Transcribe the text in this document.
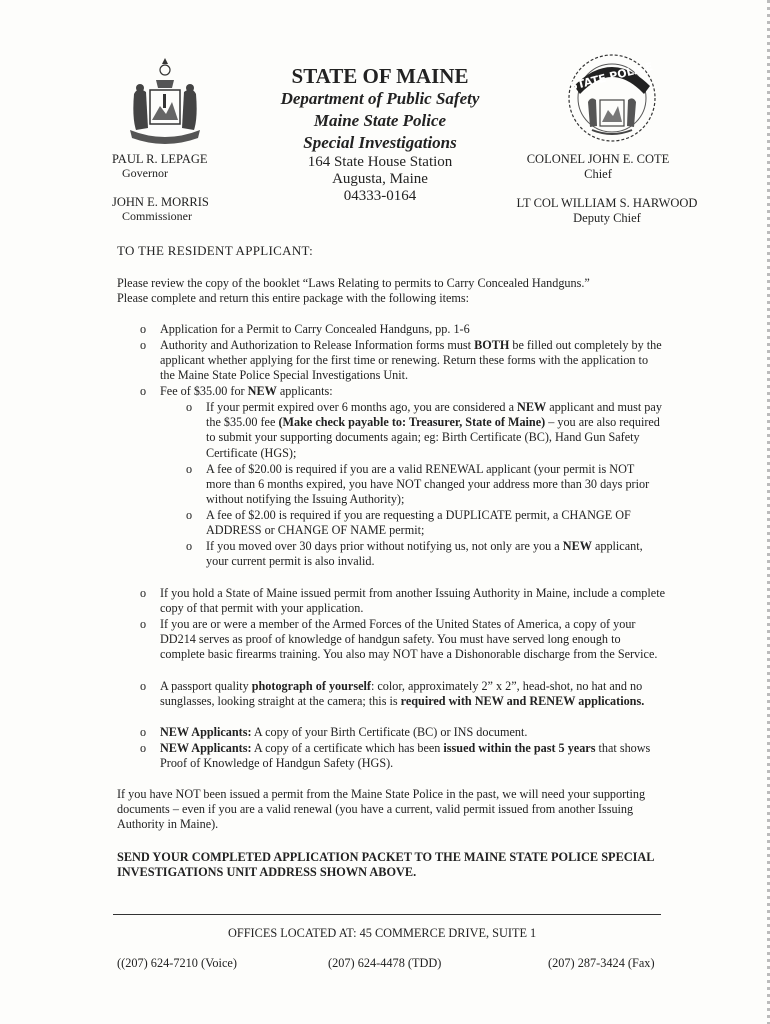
STATE POLICE
STATE OF MAINE
Department of Public Safety
Maine State Police
Special Investigations
164 State House Station
Augusta, Maine
04333-0164
PAUL R. LEPAGE
Governor
JOHN E. MORRIS
Commissioner
COLONEL JOHN E. COTE
Chief
LT COL WILLIAM S. HARWOOD
Deputy Chief
TO THE RESIDENT APPLICANT:
Please review the copy of the booklet “Laws Relating to permits to Carry Concealed Handguns.”
Please complete and return this entire package with the following items:
o	Application for a Permit to Carry Concealed Handguns, pp. 1-6
o	Authority and Authorization to Release Information forms must BOTH be filled out completely by the applicant whether applying for the first time or renewing. Return these forms with the application to the Maine State Police Special Investigations Unit.
o	Fee of $35.00 for NEW applicants:
o	If your permit expired over 6 months ago, you are considered a NEW applicant and must pay the $35.00 fee (Make check payable to: Treasurer, State of Maine) – you are also required to submit your supporting documents again; eg: Birth Certificate (BC), Hand Gun Safety Certificate (HGS);
o	A fee of $20.00 is required if you are a valid RENEWAL applicant (your permit is NOT more than 6 months expired, you have NOT changed your address more than 30 days prior without notifying the Issuing Authority);
o	A fee of $2.00 is required if you are requesting a DUPLICATE permit, a CHANGE OF ADDRESS or CHANGE OF NAME permit;
o	If you moved over 30 days prior without notifying us, not only are you a NEW applicant, your current permit is also invalid.
o	If you hold a State of Maine issued permit from another Issuing Authority in Maine, include a complete copy of that permit with your application.
o	If you are or were a member of the Armed Forces of the United States of America, a copy of your DD214 serves as proof of knowledge of handgun safety. You must have served long enough to complete basic firearms training. You also may NOT have a Dishonorable discharge from the Service.
o	A passport quality photograph of yourself: color, approximately 2” x 2”, head-shot, no hat and no sunglasses, looking straight at the camera; this is required with NEW and RENEW applications.
o	NEW Applicants: A copy of your Birth Certificate (BC) or INS document.
o	NEW Applicants: A copy of a certificate which has been issued within the past 5 years that shows Proof of Knowledge of Handgun Safety (HGS).
If you have NOT been issued a permit from the Maine State Police in the past, we will need your supporting documents – even if you are a valid renewal (you have a current, valid permit issued from another Issuing Authority in Maine).
SEND YOUR COMPLETED APPLICATION PACKET TO THE MAINE STATE POLICE SPECIAL INVESTIGATIONS UNIT ADDRESS SHOWN ABOVE.
OFFICES LOCATED AT: 45 COMMERCE DRIVE, SUITE 1
((207) 624-7210 (Voice)	(207) 624-4478 (TDD)	(207) 287-3424 (Fax)
